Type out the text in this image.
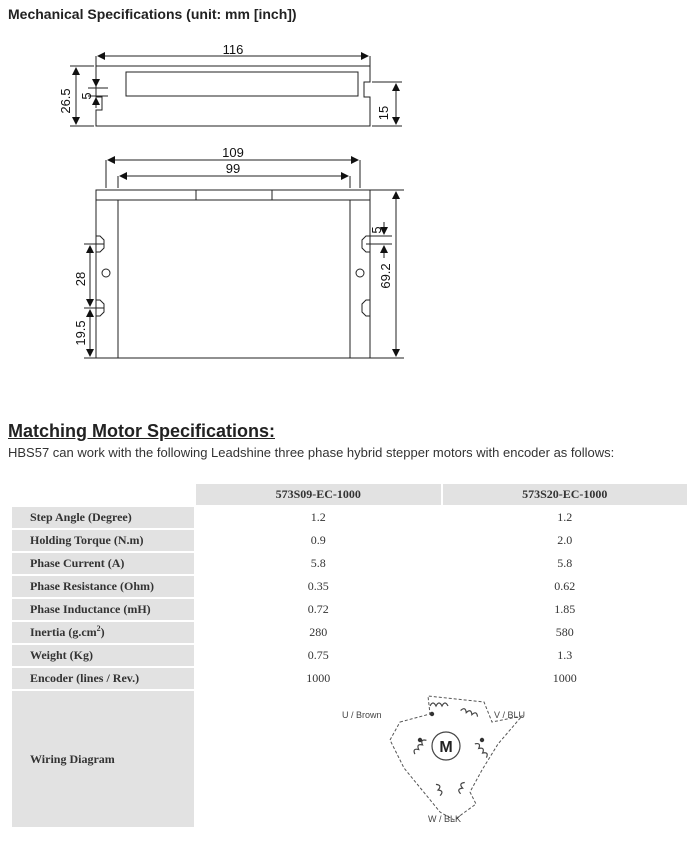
Mechanical Specifications (unit: mm [inch])
116
26.5 5
15
109
99
5
69.2
28
19.5
Matching Motor Specifications:

HBS57 can work with the following Leadshine three phase hybrid stepper motors with encoder as follows:

	573S09-EC-1000	573S20-EC-1000
Step Angle (Degree)	1.2	1.2
Holding Torque (N.m)	0.9	2.0
Phase Current (A)	5.8	5.8
Phase Resistance (Ohm)	0.35	0.62
Phase Inductance (mH)	0.72	1.85
Inertia $(g.cm^2)$	280	580
Weight (Kg)	0.75	1.3
Encoder (lines / Rev.)	1000	1000
Wiring Diagram	M
U / Brown V / BLU
W / BLK	
